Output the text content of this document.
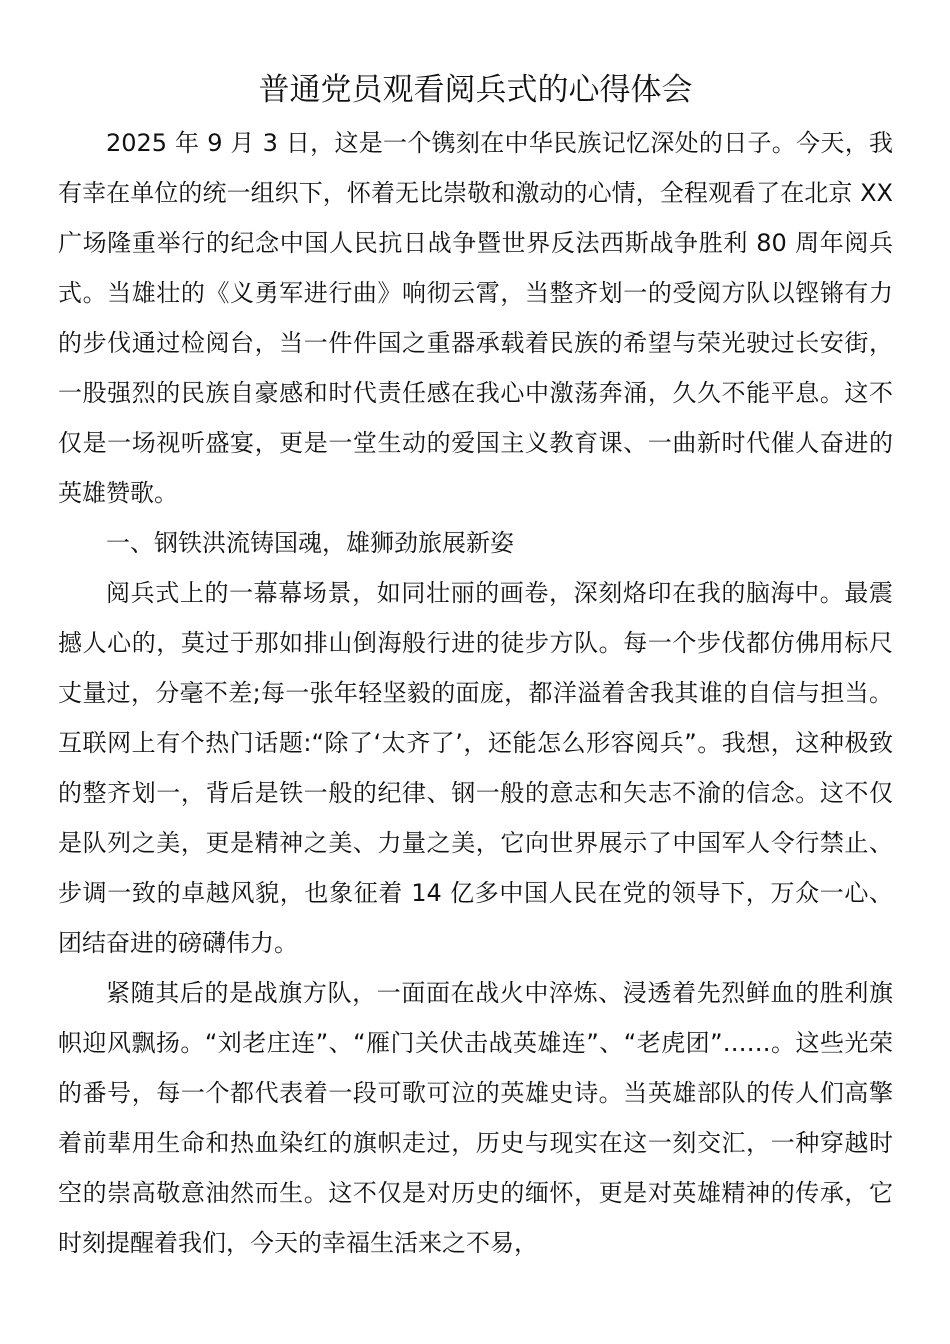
普通党员观看阅兵式的心得体会

2025 年 9 月 3 日，这是一个镌刻在中华民族记忆深处的日子。今天，我有幸在单位的统一组织下，怀着无比崇敬和激动的心情，全程观看了在北京 XX 广场隆重举行的纪念中国人民抗日战争暨世界反法西斯战争胜利 80 周年阅兵式。当雄壮的《义勇军进行曲》响彻云霄，当整齐划一的受阅方队以铿锵有力的步伐通过检阅台，当一件件国之重器承载着民族的希望与荣光驶过长安街，一股强烈的民族自豪感和时代责任感在我心中激荡奔涌，久久不能平息。这不仅是一场视听盛宴，更是一堂生动的爱国主义教育课、一曲新时代催人奋进的英雄赞歌。

一、钢铁洪流铸国魂，雄狮劲旅展新姿

阅兵式上的一幕幕场景，如同壮丽的画卷，深刻烙印在我的脑海中。最震撼人心的，莫过于那如排山倒海般行进的徒步方队。每一个步伐都仿佛用标尺丈量过，分毫不差;每一张年轻坚毅的面庞，都洋溢着舍我其谁的自信与担当。互联网上有个热门话题:“除了‘太齐了’，还能怎么形容阅兵”。我想，这种极致的整齐划一，背后是铁一般的纪律、钢一般的意志和矢志不渝的信念。这不仅是队列之美，更是精神之美、力量之美，它向世界展示了中国军人令行禁止、步调一致的卓越风貌，也象征着 14 亿多中国人民在党的领导下，万众一心、团结奋进的磅礴伟力。

紧随其后的是战旗方队，一面面在战火中淬炼、浸透着先烈鲜血的胜利旗帜迎风飘扬。“刘老庄连”、“雁门关伏击战英雄连”、“老虎团”……。这些光荣的番号，每一个都代表着一段可歌可泣的英雄史诗。当英雄部队的传人们高擎着前辈用生命和热血染红的旗帜走过，历史与现实在这一刻交汇，一种穿越时空的崇高敬意油然而生。这不仅是对历史的缅怀，更是对英雄精神的传承，它时刻提醒着我们，今天的幸福生活来之不易，
